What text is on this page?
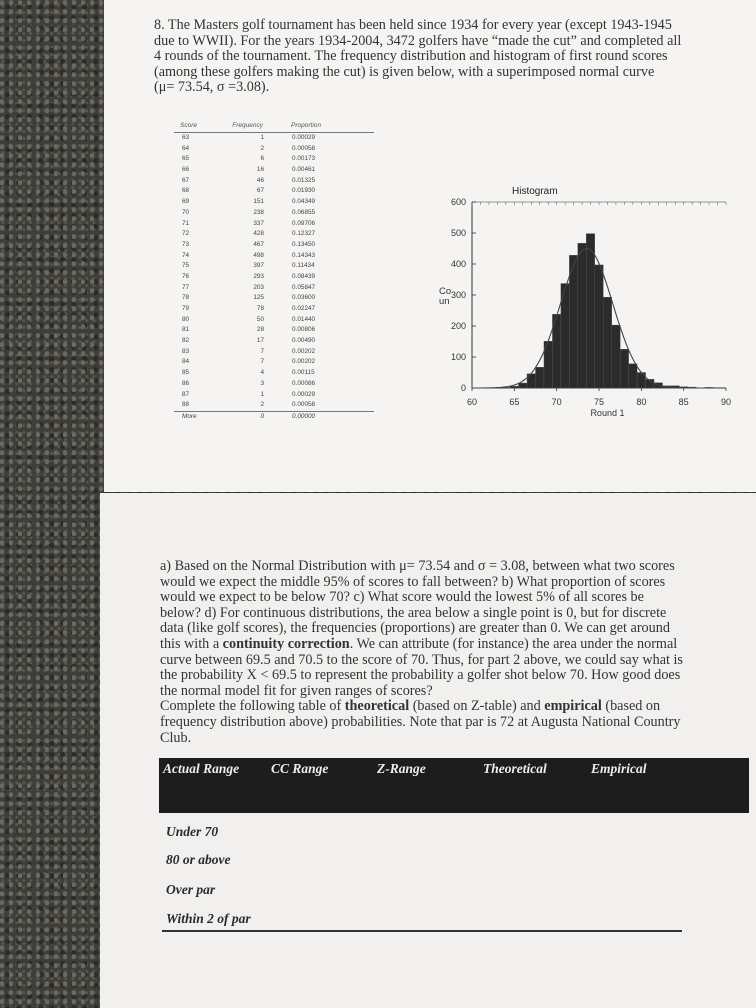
8. The Masters golf tournament has been held since 1934 for every year (except 1943-1945

due to WWII). For the years 1934-2004, 3472 golfers have “made the cut” and completed all

4 rounds of the tournament. The frequency distribution and histogram of first round scores

(among these golfers making the cut) is given below, with a superimposed normal curve

(μ= 73.54, σ =3.08).

Score	Frequency	Proportion
63	1	0.00029
64	2	0.00058
65	6	0.00173
66	16	0.00461
67	46	0.01325
68	67	0.01930
69	151	0.04349
70	238	0.06855
71	337	0.09706
72	428	0.12327
73	467	0.13450
74	498	0.14343
75	397	0.11434
76	293	0.08439
77	203	0.05847
78	125	0.03600
79	78	0.02247
80	50	0.01440
81	28	0.00806
82	17	0.00490
83	7	0.00202
84	7	0.00202
85	4	0.00115
86	3	0.00086
87	1	0.00029
88	2	0.00058
More	0	0.00000
0
100
200
300
400
500
600
60	65	70	75	80	85	90
Histogram
Round 1
Co
un
a) Based on the Normal Distribution with μ= 73.54 and σ = 3.08, between what two scores
would we expect the middle 95% of scores to fall between? b) What proportion of scores
would we expect to be below 70? c) What score would the lowest 5% of all scores be
below? d) For continuous distributions, the area below a single point is 0, but for discrete
data (like golf scores), the frequencies (proportions) are greater than 0. We can get around
this with a continuity correction. We can attribute (for instance) the area under the normal
curve between 69.5 and 70.5 to the score of 70. Thus, for part 2 above, we could say what is
the probability X < 69.5 to represent the probability a golfer shot below 70. How good does
the normal model fit for given ranges of scores?
Complete the following table of theoretical (based on Z-table) and empirical (based on
frequency distribution above) probabilities. Note that par is 72 at Augusta National Country
Club.
Actual Range CC Range	Z-Range	Theoretical	Empirical
Under 70
80 or above
Over par
Within 2 of par
